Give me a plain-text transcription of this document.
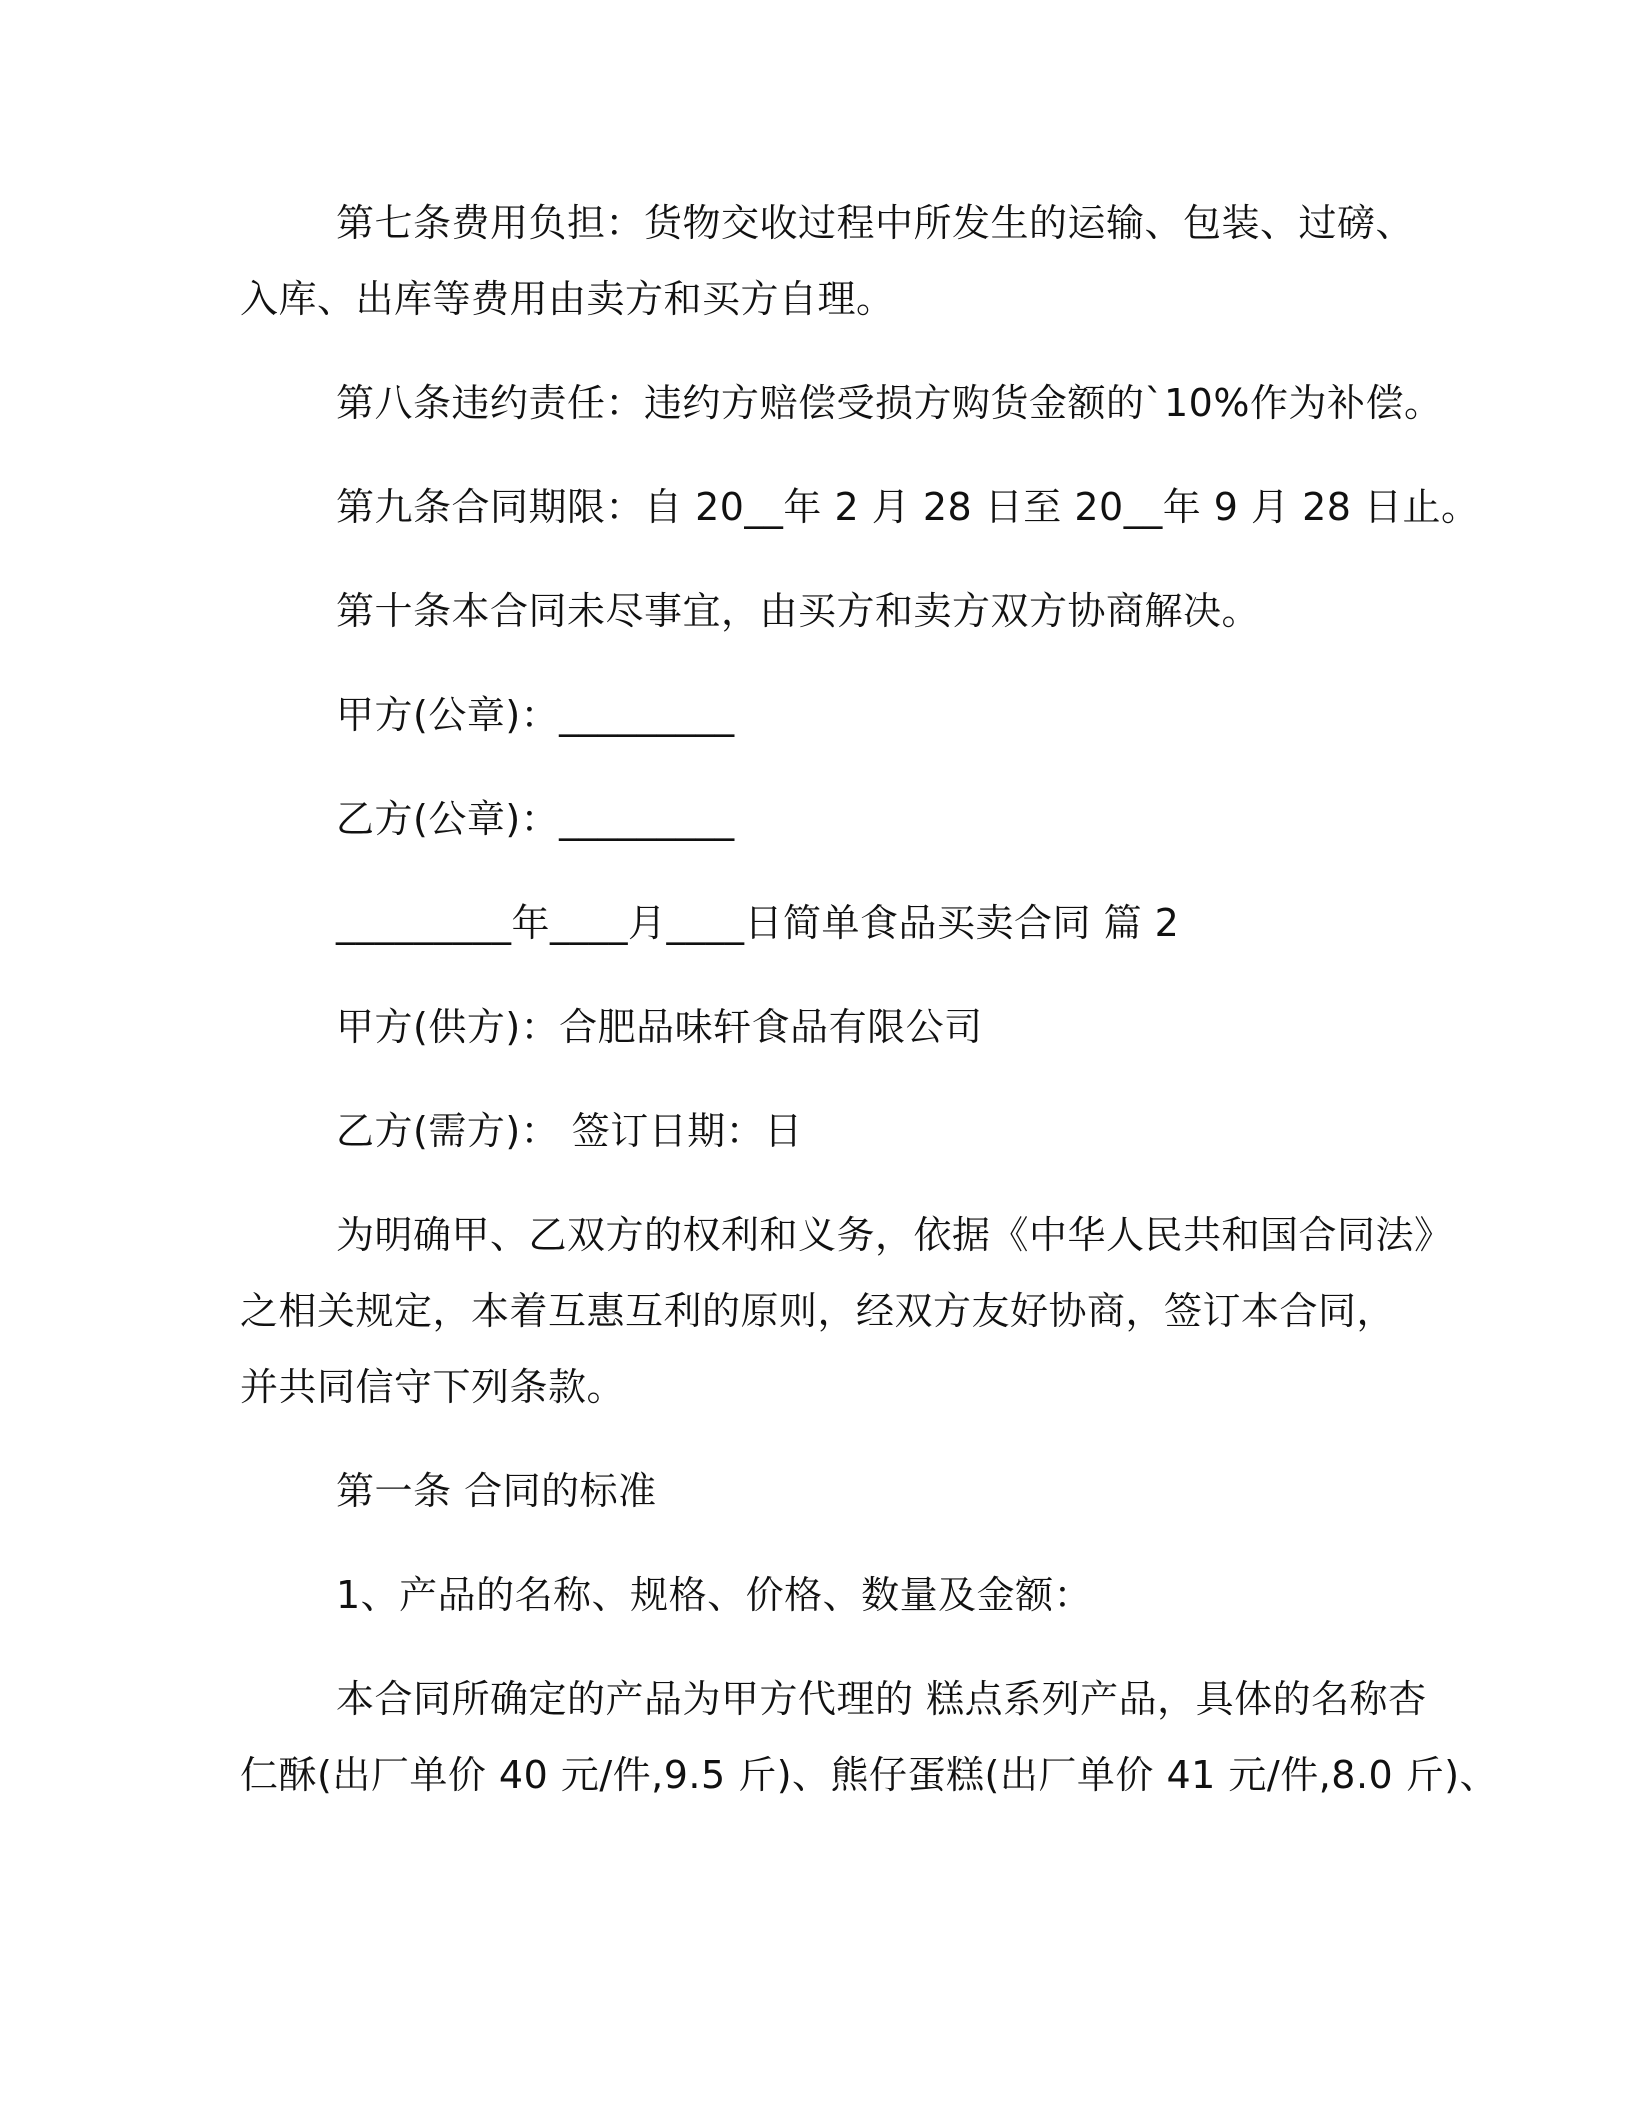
第七条费用负担：货物交收过程中所发生的运输、包装、过磅、

入库、出库等费用由卖方和买方自理。

第八条违约责任：违约方赔偿受损方购货金额的`10%作为补偿。

第九条合同期限：自 20__年 2 月 28 日至 20__年 9 月 28 日止。

第十条本合同未尽事宜，由买方和卖方双方协商解决。

甲方(公章)：_________

乙方(公章)：_________

_________年____月____日简单食品买卖合同 篇 2

甲方(供方)：合肥品味轩食品有限公司

乙方(需方)： 签订日期：日

为明确甲、乙双方的权利和义务，依据《中华人民共和国合同法》
之相关规定，本着互惠互利的原则，经双方友好协商，签订本合同，
并共同信守下列条款。

第一条 合同的标准

1、产品的名称、规格、价格、数量及金额：

本合同所确定的产品为甲方代理的 糕点系列产品，具体的名称杏
仁酥(出厂单价 40 元/件,9.5 斤)、熊仔蛋糕(出厂单价 41 元/件,8.0 斤)、
